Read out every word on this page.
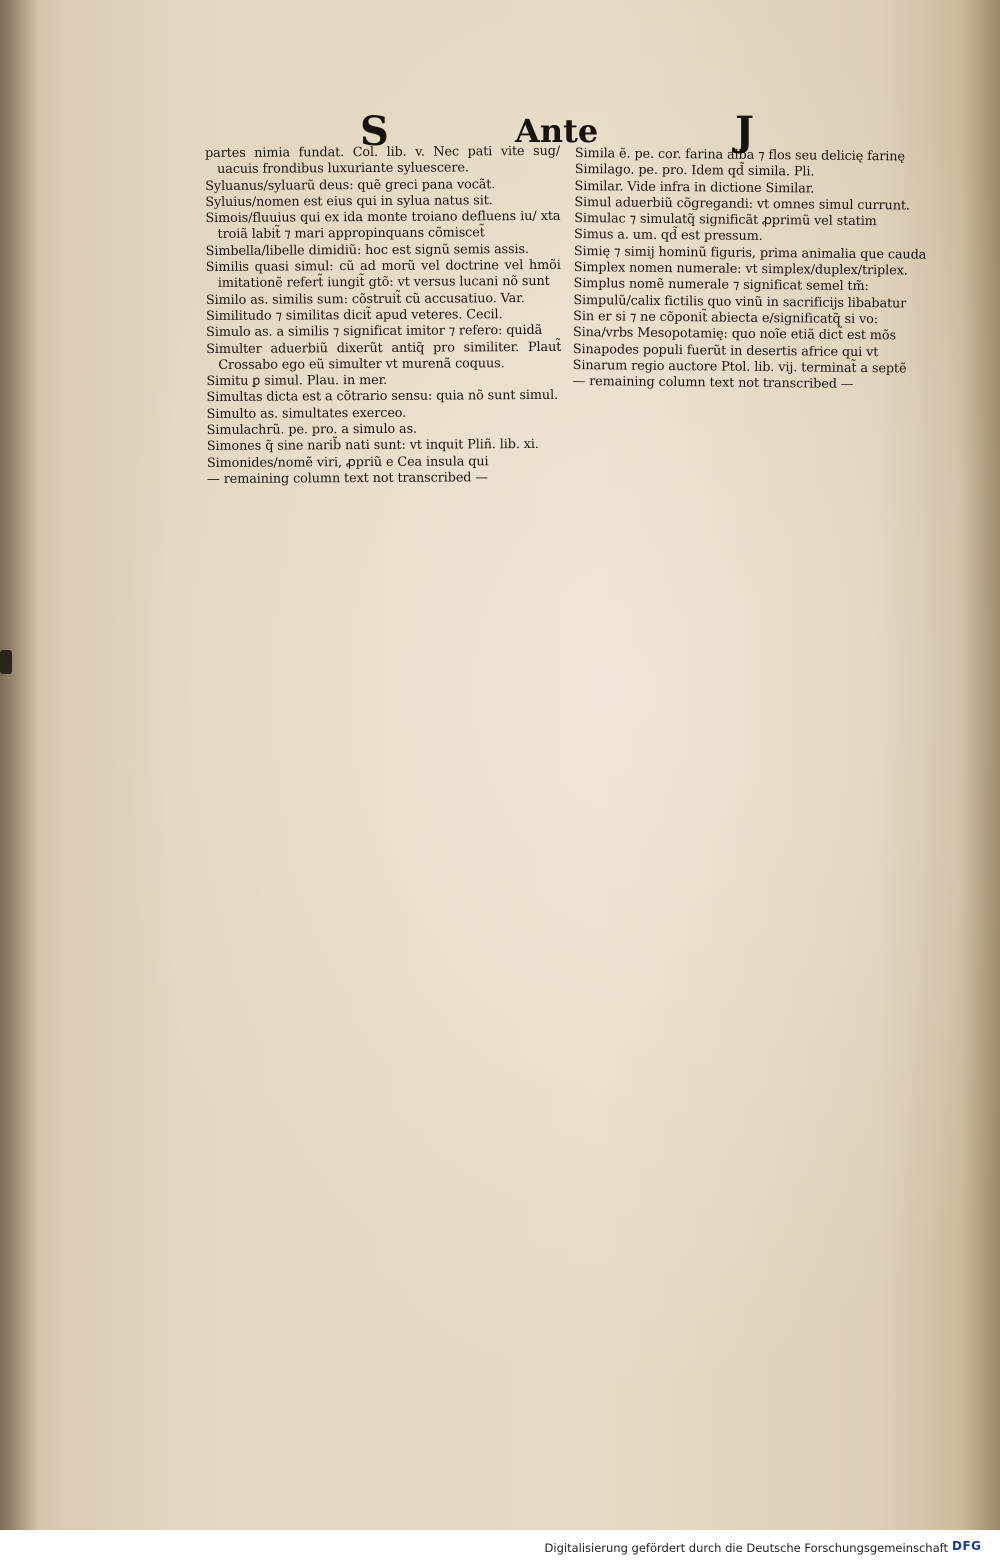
S	Ante	J

partes nimia fundat. Col. lib. v. Nec pati vite sug/ uacuis frondibus luxuriante syluescere.

Syluanus/syluarũ deus: quẽ greci pana vocãt.

Syluius/nomen est eius qui in sylua natus sit.

Simois/fluuius qui ex ida monte troiano defluens iu/ xta troiã labit̃ ⁊ mari appropinquans cõmiscet̃

Simbella/libelle dimidiũ: hoc est signũ semis assis.

Similis quasi simul: cũ ad morũ vel doctrine vel hmõi imitationẽ refert̃ iungit̃ gtõ: vt versus lucani nõ sunt

Similo as. similis sum: cõstruit̃ cũ accusatiuo. Var.

Similitudo ⁊ similitas dicit̃ apud veteres. Cecil.

Simulo as. a similis ⁊ significat imitor ⁊ refero: quidã

Simulter aduerbiũ dixerũt antiq̃ pro similiter. Plaut̃ Crossabo ego eũ simulter vt murenã coquus.

Simitu ꝑ simul. Plau. in mer.

Simultas dicta est a cõtrario sensu: quia nõ sunt simul.

Simulto as. simultates exerceo.

Simulachrũ. pe. pro. a simulo as.

Simones q̃ sine narib̃ nati sunt: vt inquit Pliñ. lib. xi.

Simonides/nomẽ viri, ꝓpriũ e Cea insula qui

— remaining column text not transcribed —

Simila ẽ. pe. cor. farina alba ⁊ flos seu delicię farinę

Similago. pe. pro. Idem qd̃ simila. Pli.

Similar. Vide infra in dictione Similar.

Simul aduerbiũ cõgregandi: vt omnes simul currunt.

Simulac ⁊ simulatq̃ significãt ꝓprimũ vel statim

Simus a. um. qd̃ est pressum.

Simię ⁊ simij hominũ figuris, prima animalia que cauda

Simplex nomen numerale: vt simplex/duplex/triplex.

Simplus nomẽ numerale ⁊ significat semel tm̃:

Simpulũ/calix fictilis quo vinũ in sacrificijs libabatur

Sin er si ⁊ ne cõponit̃ abiecta e/significatq̃ si vo:

Sina/vrbs Mesopotamię: quo noĩe etiã dict̃ est mõs

Sinapodes populi fuerũt in desertis africe qui vt

Sinarum regio auctore Ptol. lib. vij. terminat̃ a septẽ

— remaining column text not transcribed —

Digitalisierung gefördert durch die Deutsche Forschungsgemeinschaft DFG
